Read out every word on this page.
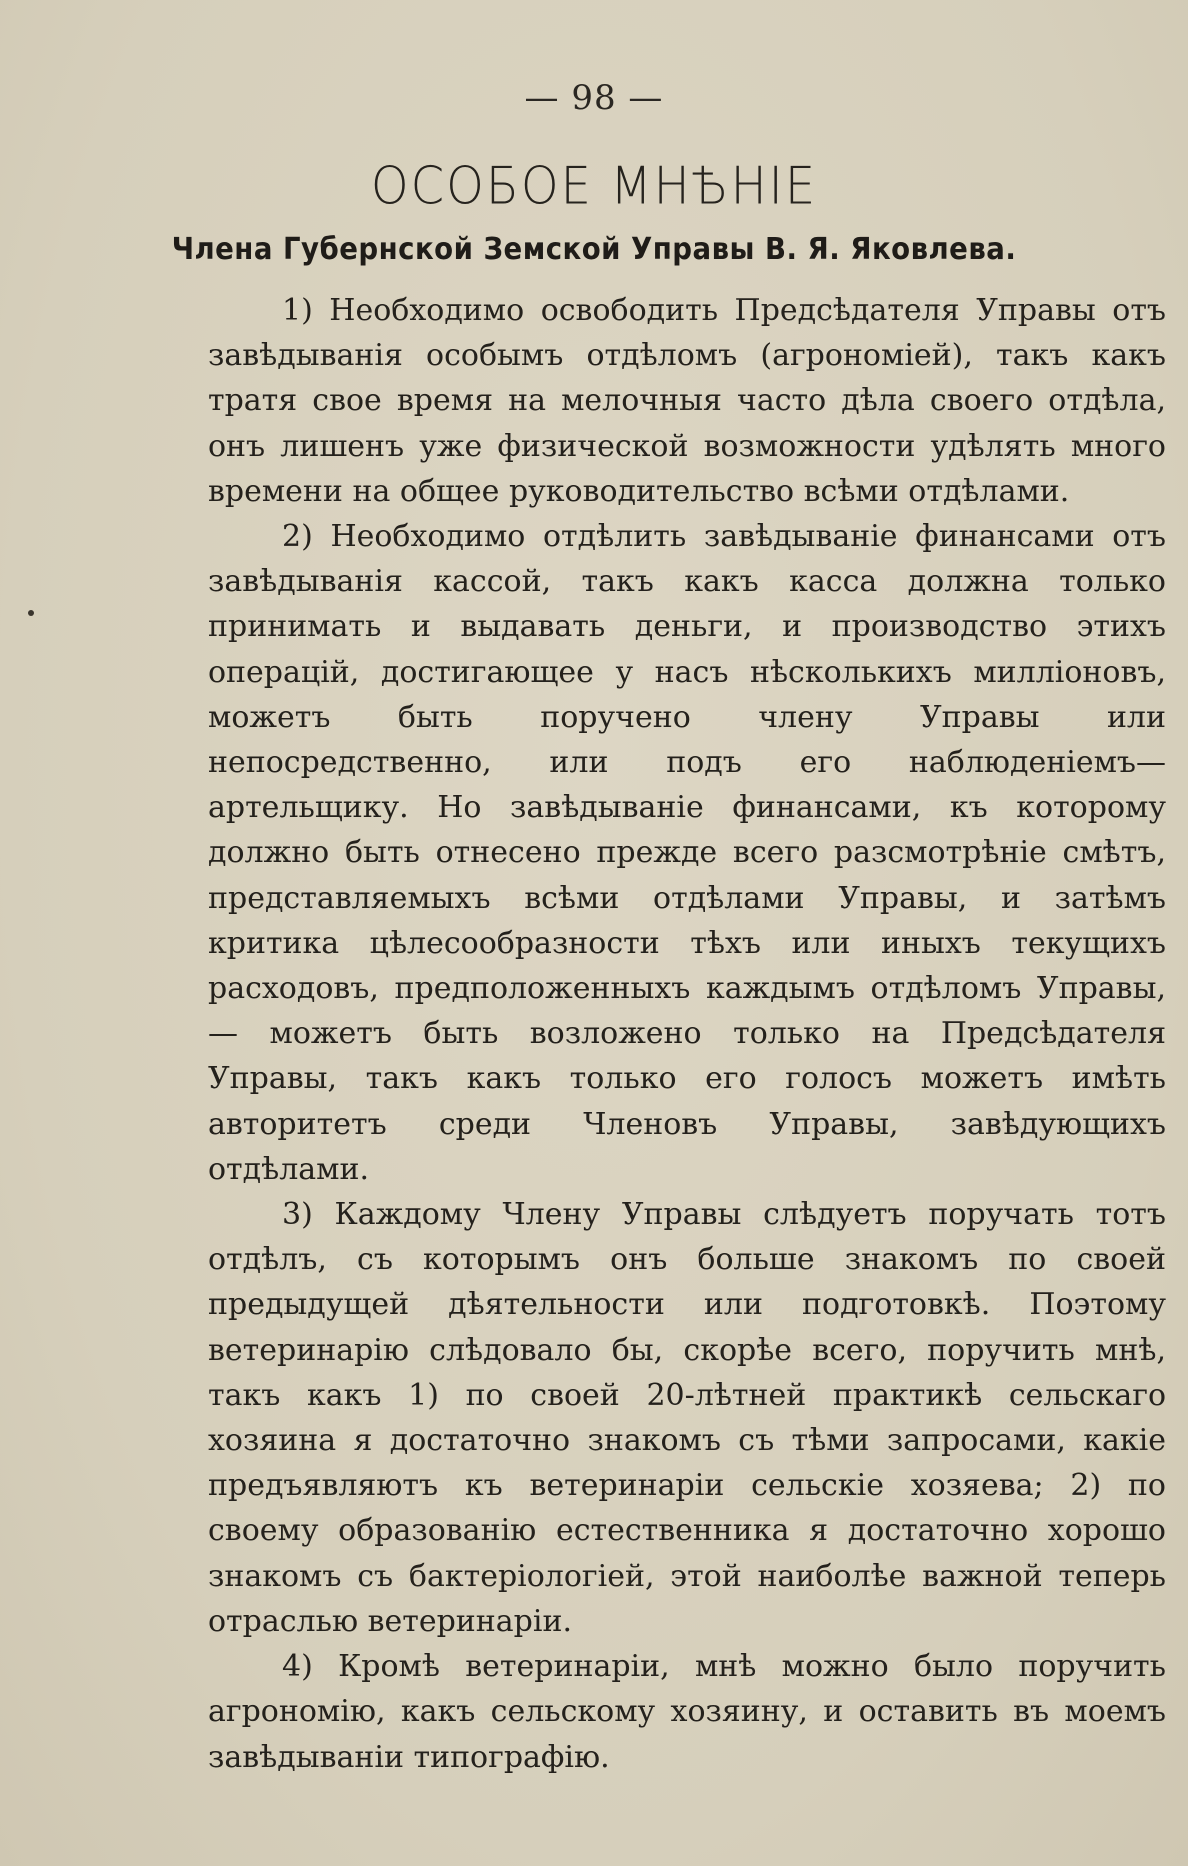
— 98 —
ОСОБОЕ МНѢНІЕ
Члена Губернской Земской Управы В. Я. Яковлева.

1) Необходимо освободить Предсѣдателя Управы отъ завѣдыванія особымъ отдѣломъ (агрономіей), такъ какъ тратя свое время на мелочныя часто дѣла своего отдѣла, онъ лишенъ уже физической возможности удѣлять много времени на общее руководительство всѣми отдѣлами.

2) Необходимо отдѣлить завѣдываніе финансами отъ завѣдыванія кассой, такъ какъ касса должна только принимать и выдавать деньги, и производство этихъ операцій, достигающее у насъ нѣсколькихъ милліоновъ, можетъ быть поручено члену Управы или непосредственно, или подъ его наблюденіемъ—артельщику. Но завѣдываніе финансами, къ которому должно быть отнесено прежде всего разсмотрѣніе смѣтъ, представляемыхъ всѣми отдѣлами Управы, и затѣмъ критика цѣлесообразности тѣхъ или иныхъ текущихъ расходовъ, предположенныхъ каждымъ отдѣломъ Управы,— можетъ быть возложено только на Предсѣдателя Управы, такъ какъ только его голосъ можетъ имѣть авторитетъ среди Членовъ Управы, завѣдующихъ отдѣлами.

3) Каждому Члену Управы слѣдуетъ поручать тотъ отдѣлъ, съ которымъ онъ больше знакомъ по своей предыдущей дѣятельности или подготовкѣ. Поэтому ветеринарію слѣдовало бы, скорѣе всего, поручить мнѣ, такъ какъ 1) по своей 20-лѣтней практикѣ сельскаго хозяина я достаточно знакомъ съ тѣми запросами, какіе предъявляютъ къ ветеринаріи сельскіе хозяева; 2) по своему образованію естественника я достаточно хорошо знакомъ съ бактеріологіей, этой наиболѣе важной теперь отраслью ветеринаріи.

4) Кромѣ ветеринаріи, мнѣ можно было поручить агрономію, какъ сельскому хозяину, и оставить въ моемъ завѣдываніи типографію.
